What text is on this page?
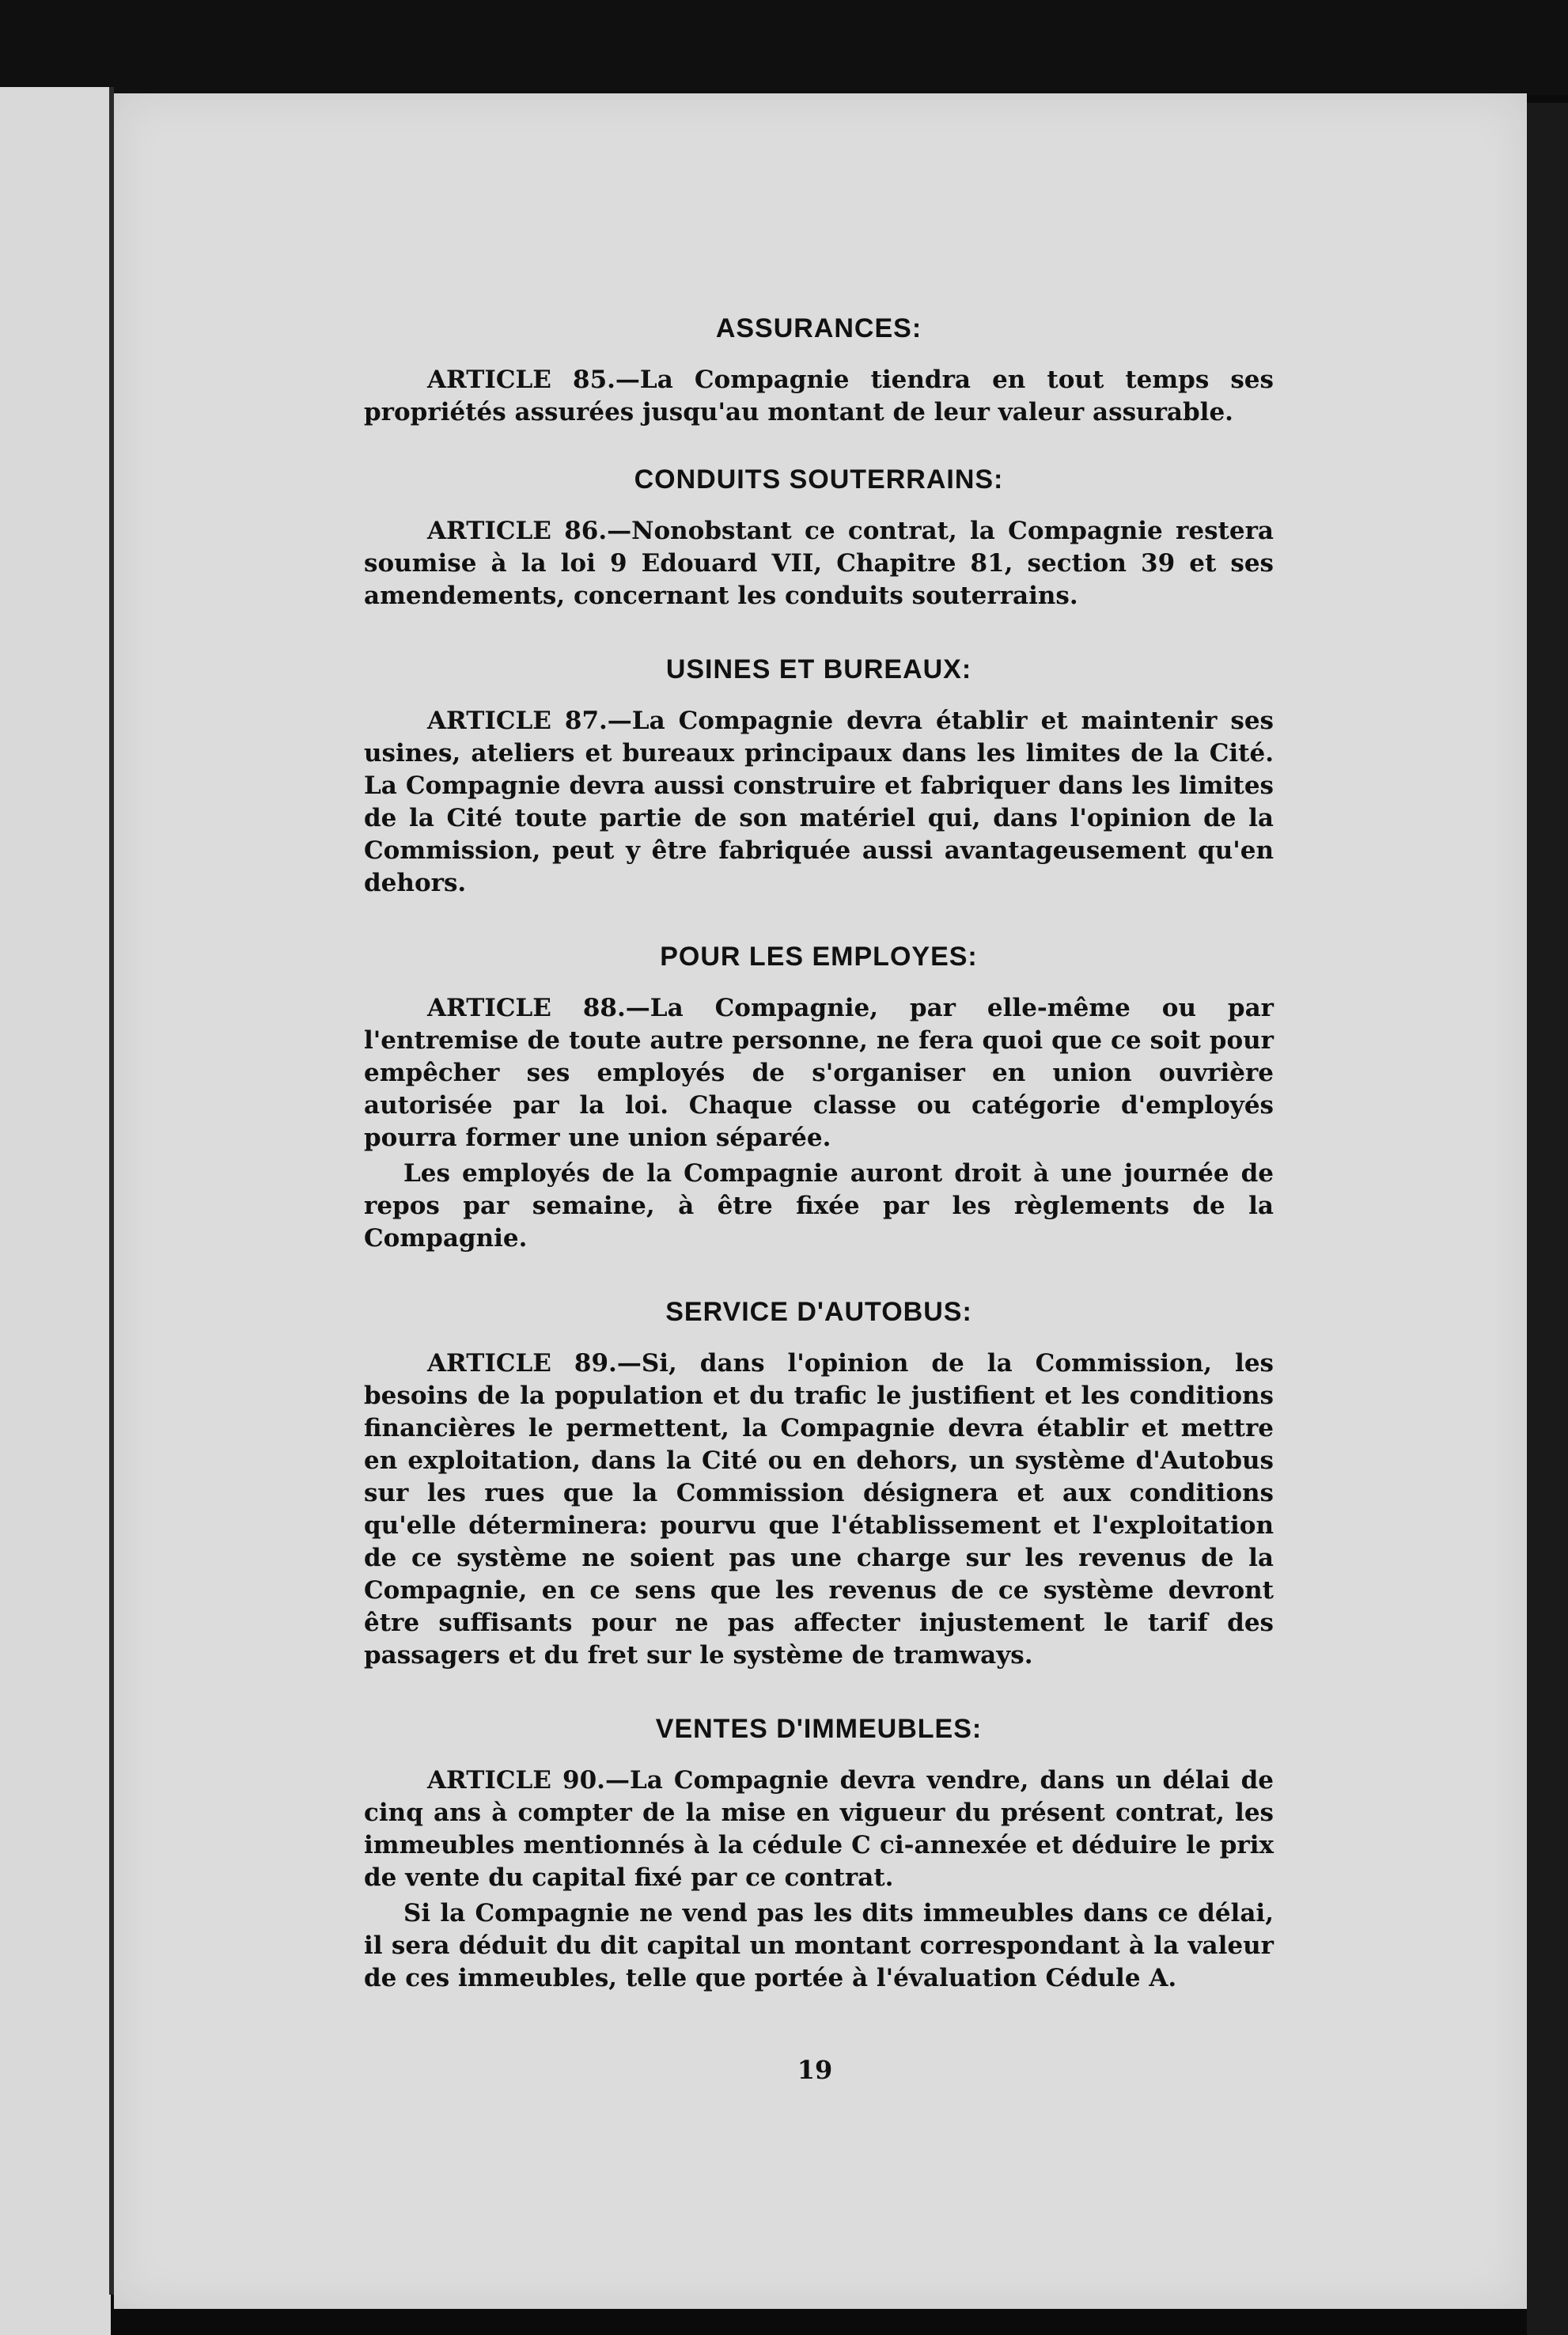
ASSURANCES:

ARTICLE 85.—La Compagnie tiendra en tout temps ses propriétés assurées jusqu'au montant de leur valeur assurable.

CONDUITS SOUTERRAINS:

ARTICLE 86.—Nonobstant ce contrat, la Compagnie restera soumise à la loi 9 Edouard VII, Chapitre 81, section 39 et ses amendements, concernant les conduits souterrains.

USINES ET BUREAUX:

ARTICLE 87.—La Compagnie devra établir et maintenir ses usines, ateliers et bureaux principaux dans les limites de la Cité. La Compagnie devra aussi construire et fabriquer dans les limites de la Cité toute partie de son matériel qui, dans l'opinion de la Commission, peut y être fabriquée aussi avantageusement qu'en dehors.

POUR LES EMPLOYES:

ARTICLE 88.—La Compagnie, par elle-même ou par l'entremise de toute autre personne, ne fera quoi que ce soit pour empêcher ses employés de s'organiser en union ouvrière autorisée par la loi. Chaque classe ou catégorie d'employés pourra former une union séparée.

Les employés de la Compagnie auront droit à une journée de repos par semaine, à être fixée par les règlements de la Compagnie.

SERVICE D'AUTOBUS:

ARTICLE 89.—Si, dans l'opinion de la Commission, les besoins de la population et du trafic le justifient et les conditions financières le permettent, la Compagnie devra établir et mettre en exploitation, dans la Cité ou en dehors, un système d'Autobus sur les rues que la Commission désignera et aux conditions qu'elle déterminera: pourvu que l'établissement et l'exploitation de ce système ne soient pas une charge sur les revenus de la Compagnie, en ce sens que les revenus de ce système devront être suffisants pour ne pas affecter injustement le tarif des passagers et du fret sur le système de tramways.

VENTES D'IMMEUBLES:

ARTICLE 90.—La Compagnie devra vendre, dans un délai de cinq ans à compter de la mise en vigueur du présent contrat, les immeubles mentionnés à la cédule C ci-annexée et déduire le prix de vente du capital fixé par ce contrat.

Si la Compagnie ne vend pas les dits immeubles dans ce délai, il sera déduit du dit capital un montant correspondant à la valeur de ces immeubles, telle que portée à l'évaluation Cédule A.

19
